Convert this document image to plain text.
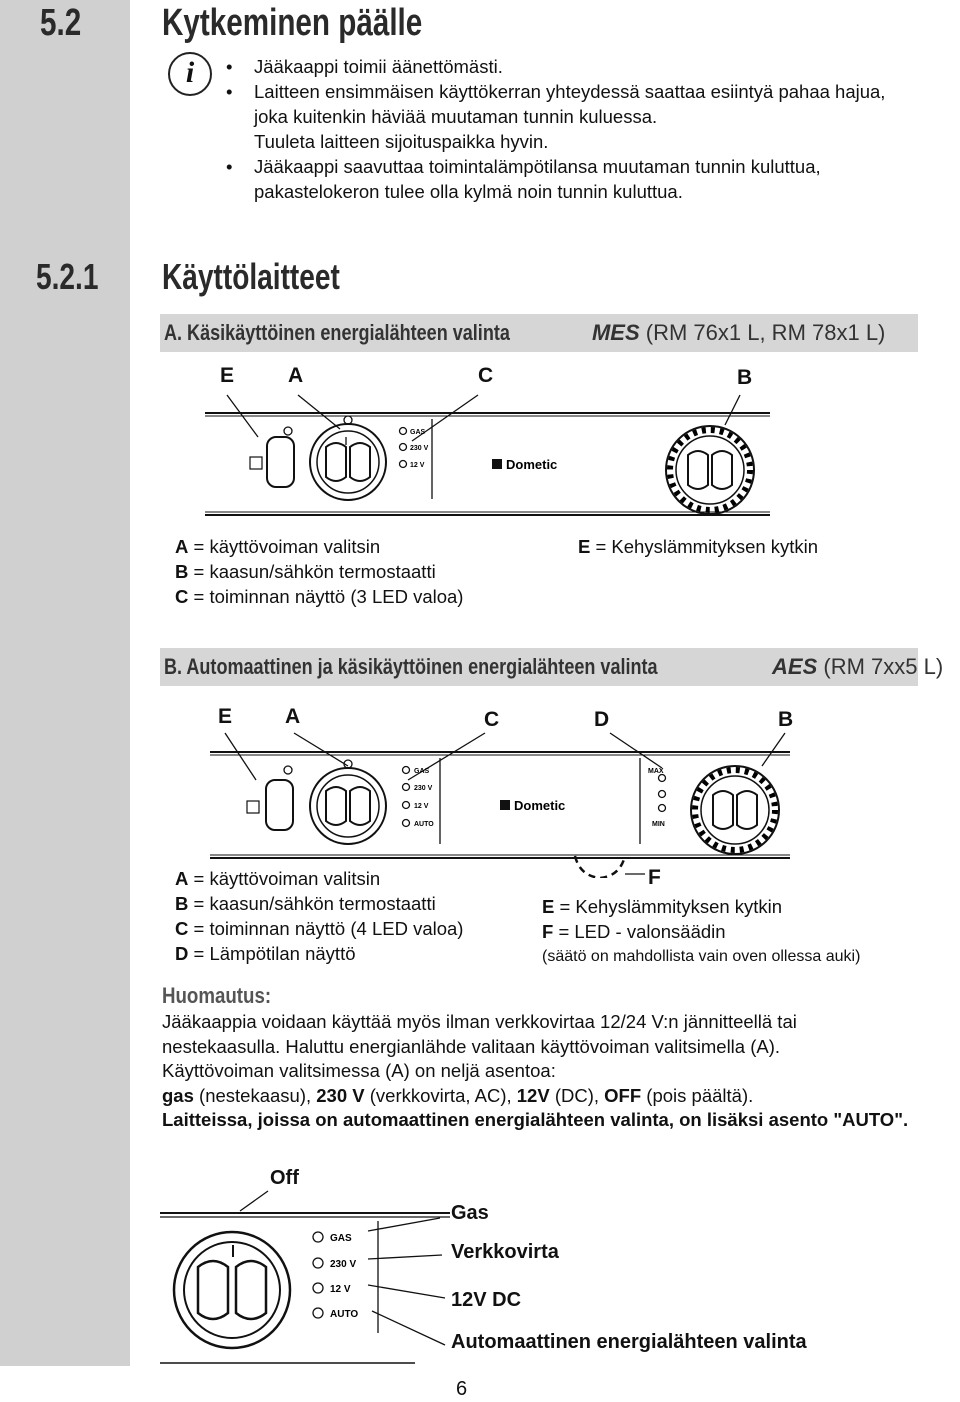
5.2 Kytkeminen päälle
i
•	Jääkaappi toimii äänettömästi.
• Laitteen ensimmäisen käyttökerran yhteydessä saattaa esiintyä pahaa hajua,
joka kuitenkin häviää muutaman tunnin kuluessa.
Tuuleta laitteen sijoituspaikka hyvin.
• Jääkaappi saavuttaa toimintalämpötilansa muutaman tunnin kuluttua,
pakastelokeron tulee olla kylmä noin tunnin kuluttua.
5.2.1 Käyttölaitteet
A. Käsikäyttöinen energialähteen valinta	MES (RM 76x1 L, RM 78x1 L)
E	A	C	B
GAS
230 V
12 V	Dometic
A = käyttövoiman valitsin
B = kaasun/sähkön termostaatti
C = toiminnan näyttö (3 LED valoa)
E = Kehyslämmityksen kytkin
B. Automaattinen ja käsikäyttöinen energialähteen valinta	AES (RM 7xx5 L)
E	A	C	D	B
GAS
230 V
12 V
AUTO
MAX
MIN
Dometic
F
A = käyttövoiman valitsin
B = kaasun/sähkön termostaatti
C = toiminnan näyttö (4 LED valoa)
D = Lämpötilan näyttö
E = Kehyslämmityksen kytkin
F = LED - valonsäädin
(säätö on mahdollista vain oven ollessa auki)
Huomautus:

Jääkaappia voidaan käyttää myös ilman verkkovirtaa 12/24 V:n jännitteellä tai

nestekaasulla. Haluttu energianlähde valitaan käyttövoiman valitsimella (A).

Käyttövoiman valitsimessa (A) on neljä asentoa:

gas (nestekaasu), 230 V (verkkovirta, AC), 12V (DC), OFF (pois päältä).

Laitteissa, joissa on automaattinen energialähteen valinta, on lisäksi asento "AUTO".

Off
GAS
230 V
12 V
AUTO
Gas
Verkkovirta
12V DC
Automaattinen energialähteen valinta
6
